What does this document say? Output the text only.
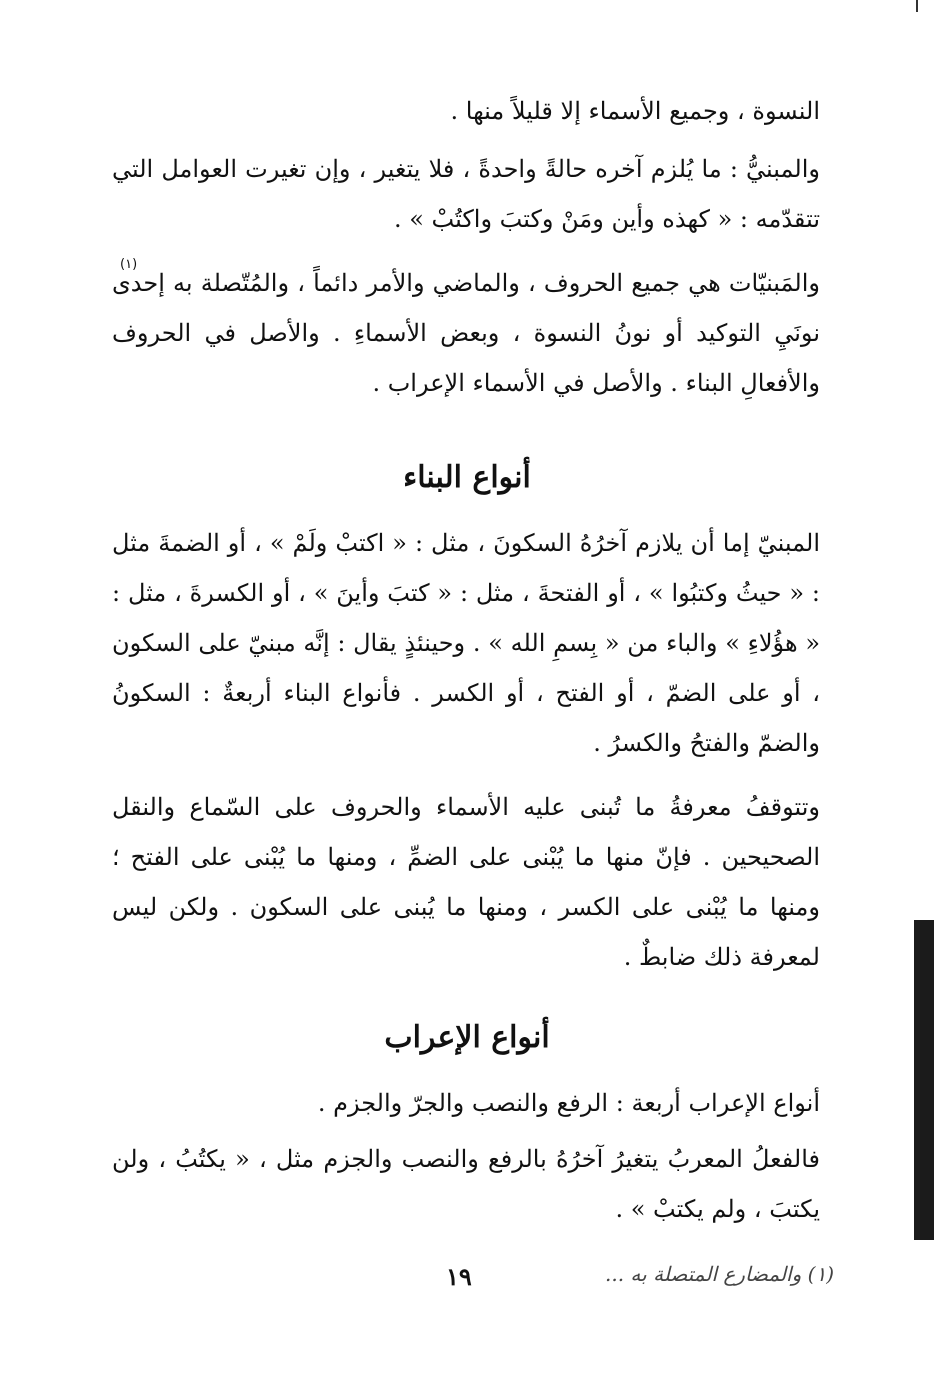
النسوة ، وجميع الأسماء إلا قليلاً منها .

والمبنيُّ : ما يُلزم آخره حالةً واحدةً ، فلا يتغير ، وإن تغيرت العوامل التي تتقدّمه : « كهذه وأين ومَنْ وكتبَ واكتُبْ » .

والمَبنيّات هي جميع الحروف ، والماضي والأمر دائماً ، والمُتّصلة به إحدى نونَيِ التوكيد أو نونُ النسوة ، وبعض الأسماءِ . والأصل في الحروف والأفعالِ البناء . والأصل في الأسماء الإعراب .

(١)
أنواع البناء

المبنيّ إما أن يلازم آخرُهُ السكونَ ، مثل : « اكتبْ ولَمْ » ، أو الضمةَ مثل : « حيثُ وكتبُوا » ، أو الفتحةَ ، مثل : « كتبَ وأينَ » ، أو الكسرةَ ، مثل : « هؤُلاءِ » والباء من « بِسمِ الله » . وحينئذٍ يقال : إنَّه مبنيّ على السكون ، أو على الضمّ ، أو الفتح ، أو الكسر . فأنواع البناء أربعةٌ : السكونُ والضمّ والفتحُ والكسرُ .

وتتوقفُ معرفةُ ما تُبنى عليه الأسماء والحروف على السّماع والنقل الصحيحين . فإنّ منها ما يُبْنى على الضمِّ ، ومنها ما يُبْنى على الفتح ؛ ومنها ما يُبْنى على الكسر ، ومنها ما يُبنى على السكون . ولكن ليس لمعرفة ذلك ضابطٌ .

أنواع الإعراب

أنواع الإعراب أربعة : الرفع والنصب والجرّ والجزم .

فالفعلُ المعربُ يتغيرُ آخرُهُ بالرفع والنصب والجزم مثل ، « يكتُبُ ، ولن يكتبَ ، ولم يكتبْ » .

١٩	(١) والمضارع المتصلة به ...
